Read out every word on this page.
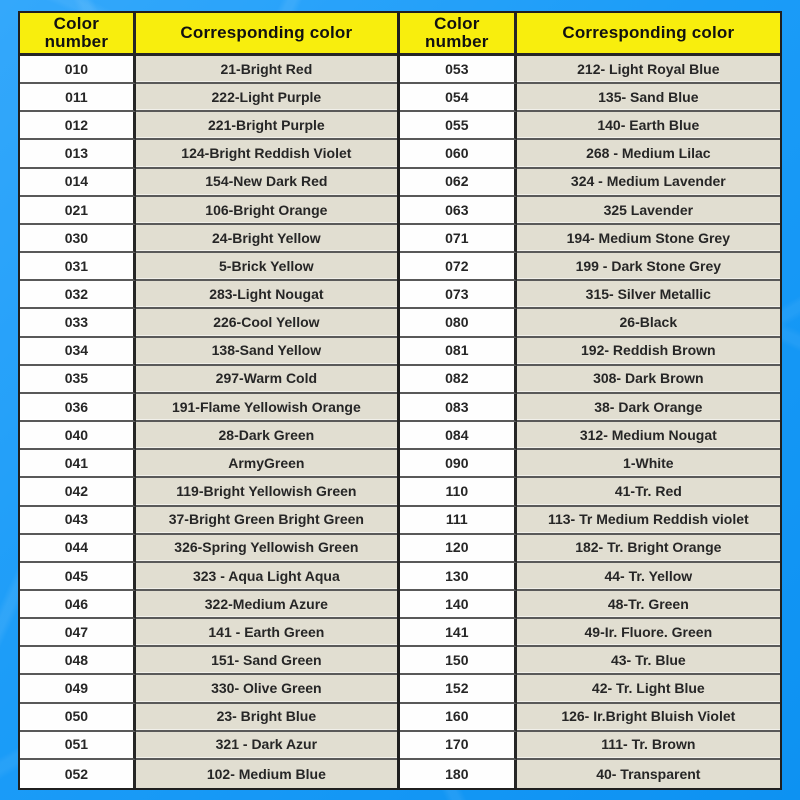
Color number	Corresponding color
010	21-Bright Red
011	222-Light Purple
012	221-Bright Purple
013	124-Bright Reddish Violet
014	154-New Dark Red
021	106-Bright Orange
030	24-Bright Yellow
031	5-Brick Yellow
032	283-Light Nougat
033	226-Cool Yellow
034	138-Sand Yellow
035	297-Warm Cold
036	191-Flame Yellowish Orange
040	28-Dark Green
041	ArmyGreen
042	119-Bright Yellowish Green
043	37-Bright Green Bright Green
044	326-Spring Yellowish Green
045	323 - Aqua Light Aqua
046	322-Medium Azure
047	141 - Earth Green
048	151- Sand Green
049	330- Olive Green
050	23- Bright Blue
051	321 - Dark Azur
052	102- Medium Blue
Color number	Corresponding color
053	212- Light Royal Blue
054	135- Sand Blue
055	140- Earth Blue
060	268 - Medium Lilac
062	324 - Medium Lavender
063	325 Lavender
071	194- Medium Stone Grey
072	199 - Dark Stone Grey
073	315- Silver Metallic
080	26-Black
081	192- Reddish Brown
082	308- Dark Brown
083	38- Dark Orange
084	312- Medium Nougat
090	1-White
110	41-Tr. Red
111	113- Tr Medium Reddish violet
120	182- Tr. Bright Orange
130	44- Tr. Yellow
140	48-Tr. Green
141	49-Ir. Fluore. Green
150	43- Tr. Blue
152	42- Tr. Light Blue
160	126- Ir.Bright Bluish Violet
170	111- Tr. Brown
180	40- Transparent
